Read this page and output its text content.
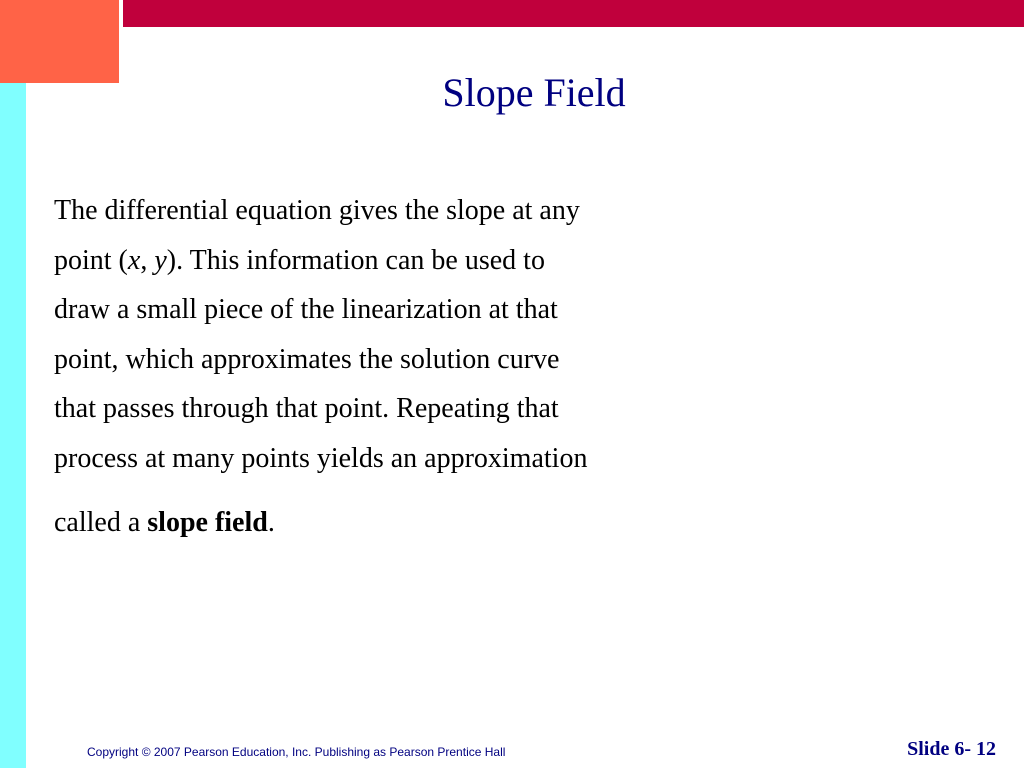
Slope Field

The differential equation gives the slope at any

point (x, y). This information can be used to

draw a small piece of the linearization at that

point, which approximates the solution curve

that passes through that point. Repeating that

process at many points yields an approximation

called a slope field.

Copyright © 2007 Pearson Education, Inc. Publishing as Pearson Prentice Hall	Slide 6- 12
